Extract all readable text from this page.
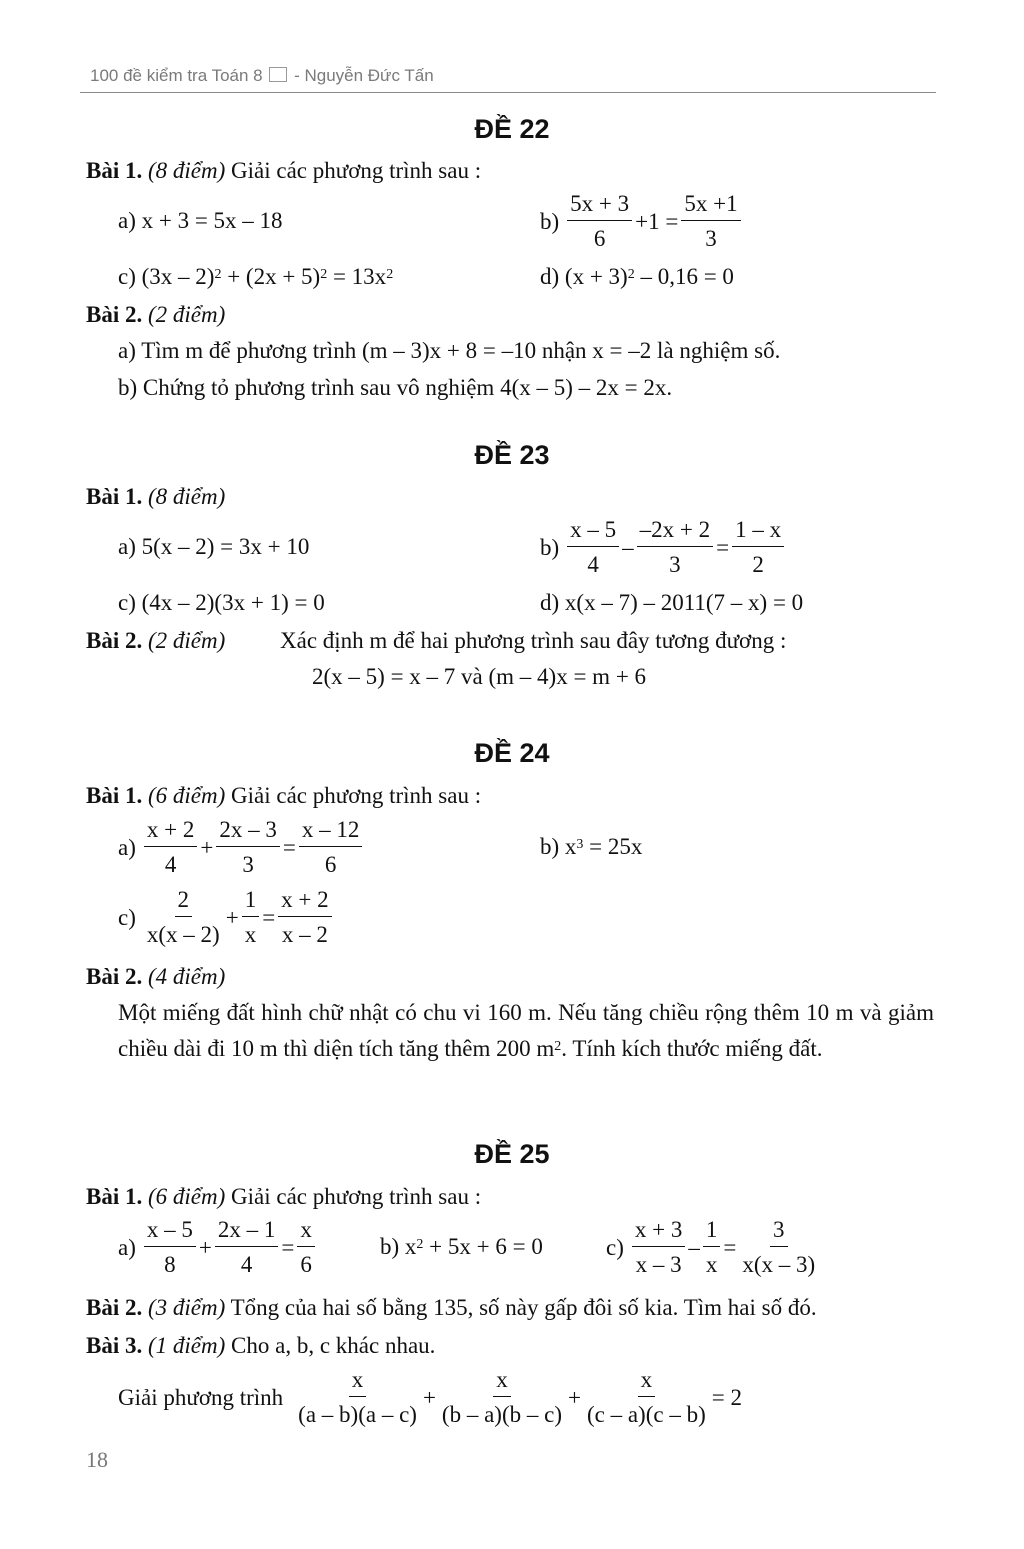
100 đề kiểm tra Toán 8  - Nguyễn Đức Tấn
ĐỀ 22
Bài 1. (8 điểm) Giải các phương trình sau :
a) x + 3 = 5x – 18	$b) \frac{5x + 3}{6} +1 = \frac{5x +1}{3}$
c) $(3x - 2)^2 + (2x + 5)^2 = 13x^2$	d) $(x + 3)^2 - 0,16 = 0$
Bài 2. (2 điểm)
a) Tìm m để phương trình (m – 3)x + 8 = –10 nhận x = –2 là nghiệm số.
b) Chứng tỏ phương trình sau vô nghiệm 4(x – 5) – 2x = 2x.
ĐỀ 23
Bài 1. (8 điểm)
a) 5(x – 2) = 3x + 10	$b) \frac{x - 5}{4} - \frac{-2x + 2}{3} = \frac{1 - x}{2}$
c) (4x – 2)(3x + 1) = 0	d) x(x – 7) – 2011(7 – x) = 0
Bài 2. (2 điểm) Xác định m để hai phương trình sau đây tương đương :
2(x – 5) = x – 7 và (m – 4)x = m + 6
ĐỀ 24
Bài 1. (6 điểm) Giải các phương trình sau :
$a) \frac{x + 2}{4} + \frac{2x - 3}{3} = \frac{x - 12}{6}$	b) $x^3 = 25x$
$c) \frac{2}{x(x - 2)} + \frac{1}{x} = \frac{x + 2}{x - 2}$
Bài 2. (4 điểm)
Một miếng đất hình chữ nhật có chu vi 160 m. Nếu tăng chiều rộng thêm 10 m và giảm chiều dài đi 10 m thì diện tích tăng thêm 200 $m^2$. Tính kích thước miếng đất.
ĐỀ 25
Bài 1. (6 điểm) Giải các phương trình sau :
$a) \frac{x - 5}{8} + \frac{2x - 1}{4} = \frac{x}{6}$	b) $x^2 + 5x + 6 = 0$	$c) \frac{x + 3}{x - 3} - \frac{1}{x} = \frac{3}{x(x - 3)}$
Bài 2. (3 điểm) Tổng của hai số bằng 135, số này gấp đôi số kia. Tìm hai số đó.
Bài 3. (1 điểm) Cho a, b, c khác nhau.
Giải phương trình $\frac{x}{(a - b)(a - c)} + \frac{x}{(b - a)(b - c)} + \frac{x}{(c - a)(c - b)} = 2$
18
